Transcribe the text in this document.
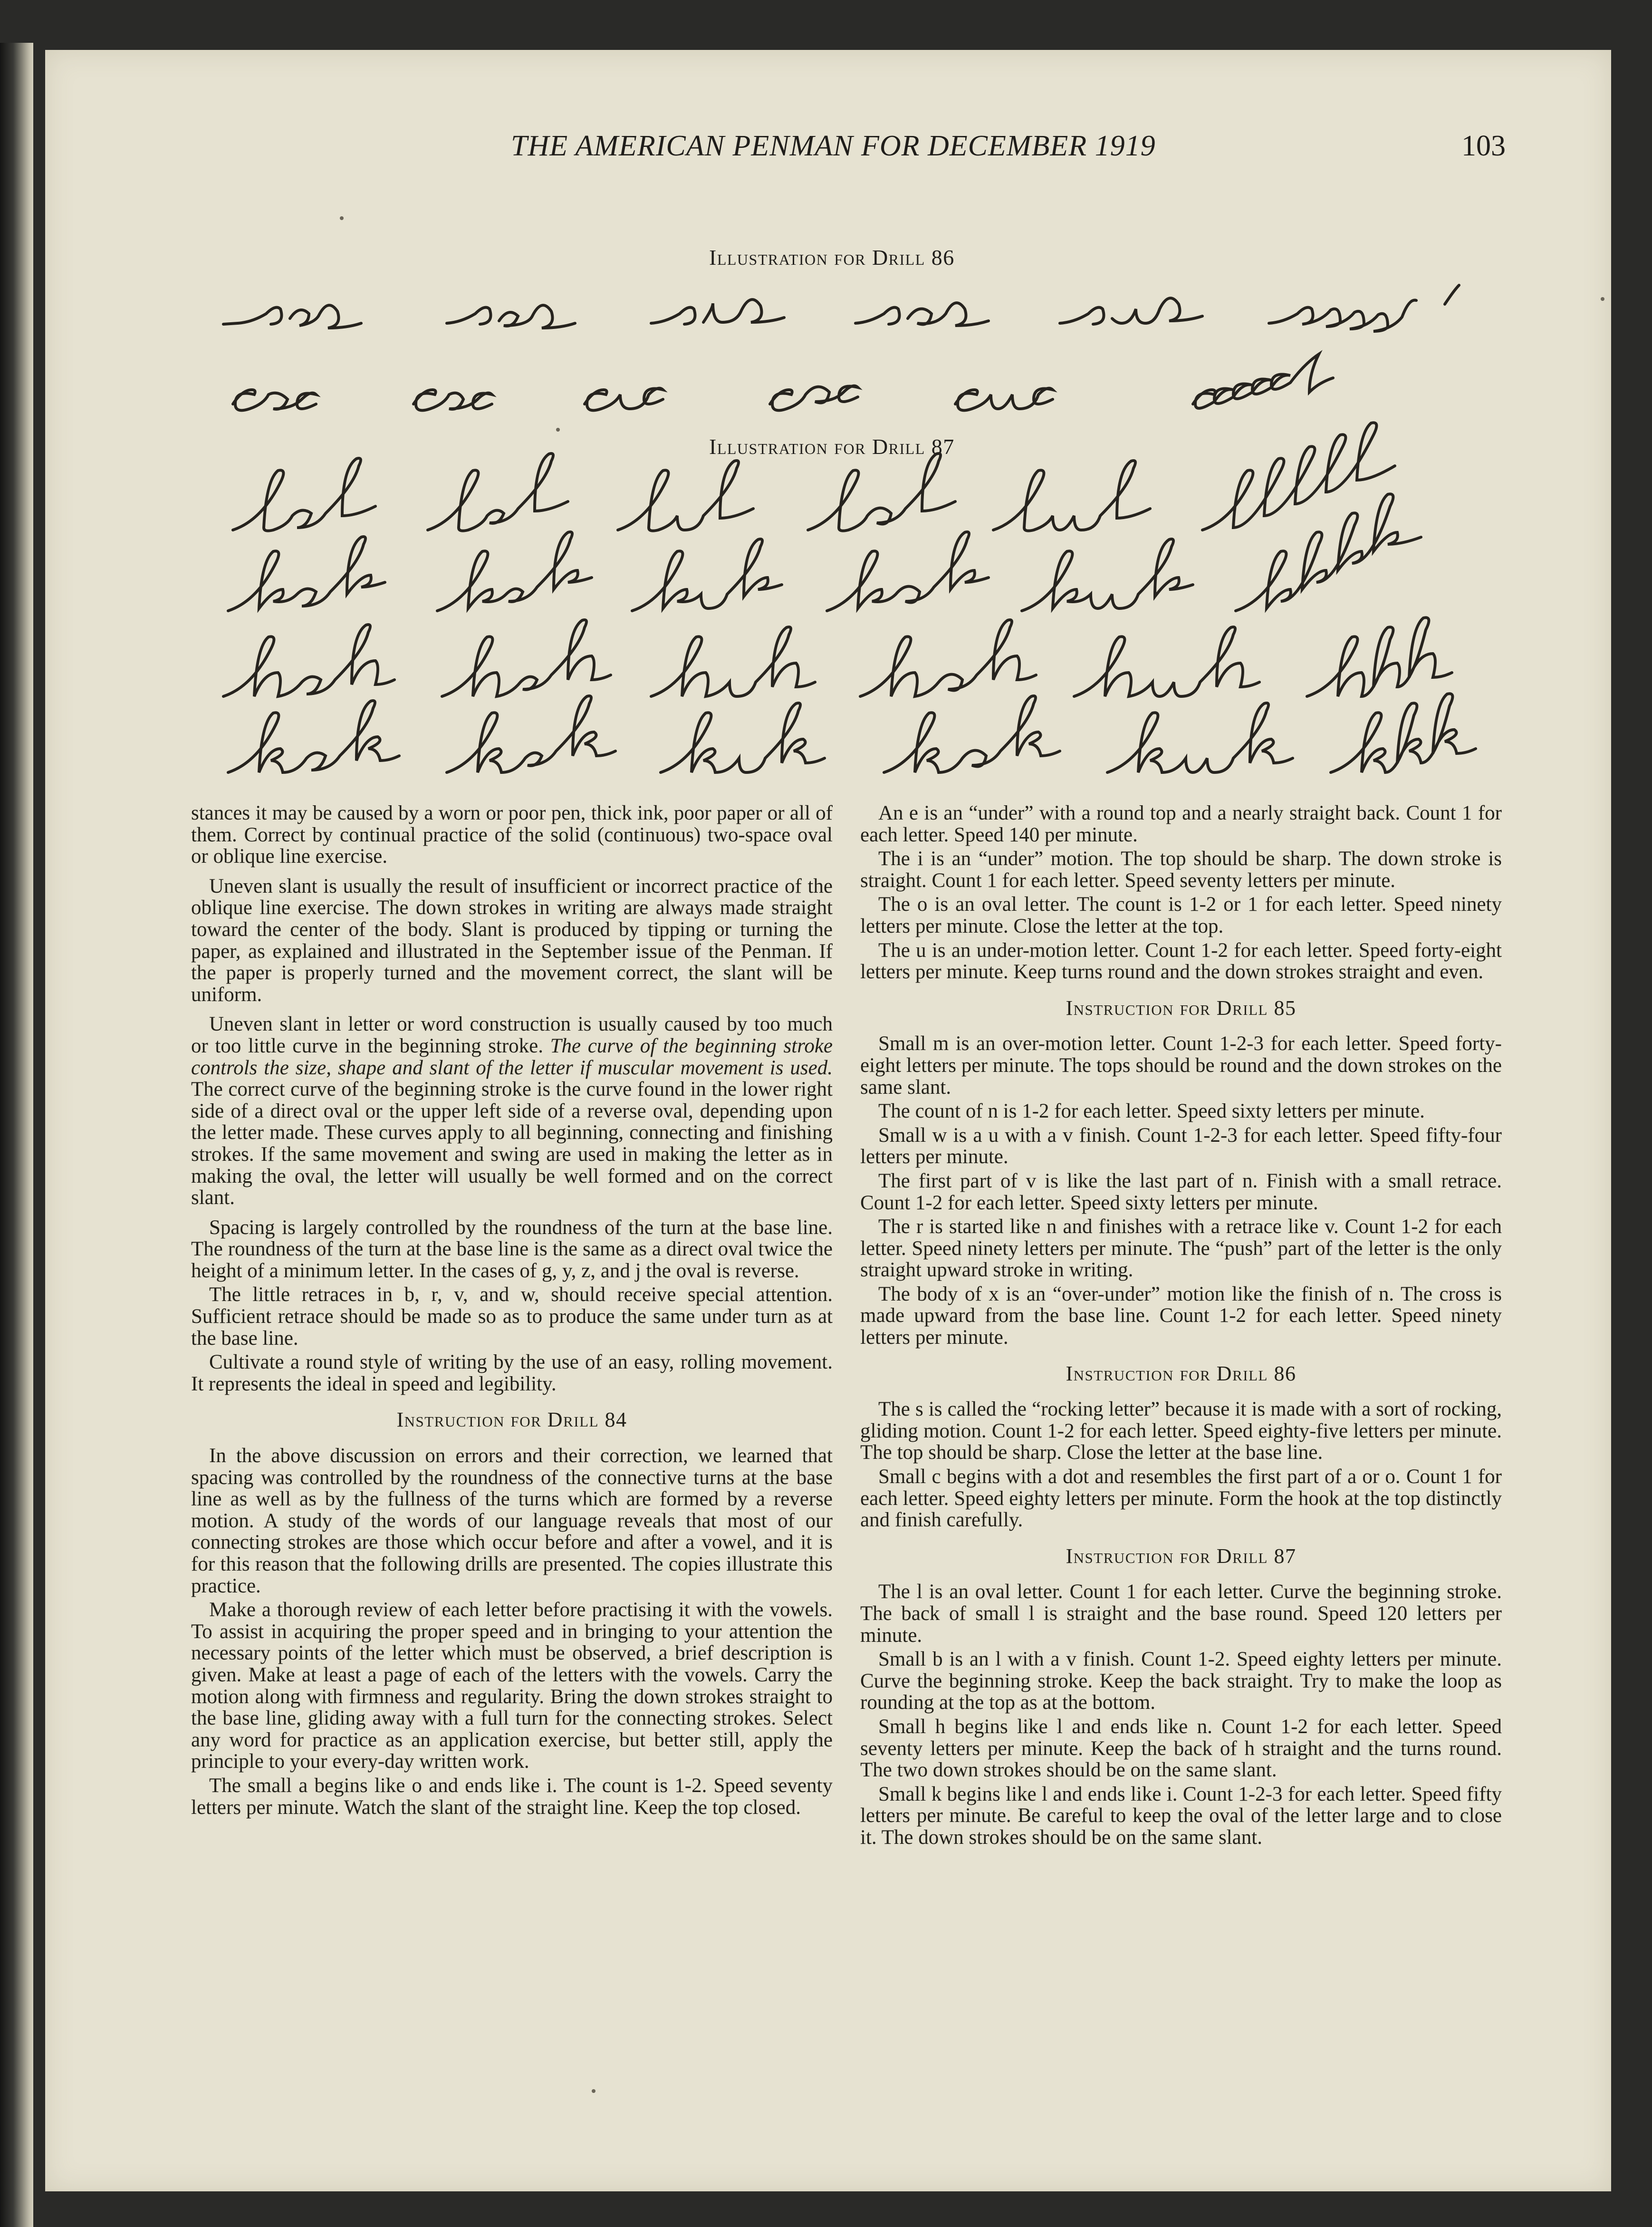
THE AMERICAN PENMAN FOR DECEMBER 1919	103
Illustration for Drill 86
Illustration for Drill 87

stances it may be caused by a worn or poor pen, thick ink, poor paper or all of them. Correct by continual practice of the solid (continuous) two-space oval or oblique line exercise.

Uneven slant is usually the result of insufficient or incorrect practice of the oblique line exercise. The down strokes in writing are always made straight toward the center of the body. Slant is produced by tipping or turning the paper, as explained and illustrated in the September issue of the Penman. If the paper is properly turned and the movement correct, the slant will be uniform.

Uneven slant in letter or word construction is usually caused by too much or too little curve in the beginning stroke. The curve of the beginning stroke controls the size, shape and slant of the letter if muscular movement is used. The correct curve of the beginning stroke is the curve found in the lower right side of a direct oval or the upper left side of a reverse oval, depending upon the letter made. These curves apply to all beginning, connecting and finishing strokes. If the same movement and swing are used in making the letter as in making the oval, the letter will usually be well formed and on the correct slant.

Spacing is largely controlled by the roundness of the turn at the base line. The roundness of the turn at the base line is the same as a direct oval twice the height of a minimum letter. In the cases of g, y, z, and j the oval is reverse.

The little retraces in b, r, v, and w, should receive special attention. Sufficient retrace should be made so as to produce the same under turn as at the base line.

Cultivate a round style of writing by the use of an easy, rolling movement. It represents the ideal in speed and legibility.

Instruction for Drill 84

In the above discussion on errors and their correction, we learned that spacing was controlled by the roundness of the connective turns at the base line as well as by the fullness of the turns which are formed by a reverse motion. A study of the words of our language reveals that most of our connecting strokes are those which occur before and after a vowel, and it is for this reason that the following drills are presented. The copies illustrate this practice.

Make a thorough review of each letter before practising it with the vowels. To assist in acquiring the proper speed and in bringing to your attention the necessary points of the letter which must be observed, a brief description is given. Make at least a page of each of the letters with the vowels. Carry the motion along with firmness and regularity. Bring the down strokes straight to the base line, gliding away with a full turn for the connecting strokes. Select any word for practice as an application exercise, but better still, apply the principle to your every-day written work.

The small a begins like o and ends like i. The count is 1-2. Speed seventy letters per minute. Watch the slant of the straight line. Keep the top closed.

An e is an “under” with a round top and a nearly straight back. Count 1 for each letter. Speed 140 per minute.

The i is an “under” motion. The top should be sharp. The down stroke is straight. Count 1 for each letter. Speed seventy letters per minute.

The o is an oval letter. The count is 1-2 or 1 for each letter. Speed ninety letters per minute. Close the letter at the top.

The u is an under-motion letter. Count 1-2 for each letter. Speed forty-eight letters per minute. Keep turns round and the down strokes straight and even.

Instruction for Drill 85

Small m is an over-motion letter. Count 1-2-3 for each letter. Speed forty-eight letters per minute. The tops should be round and the down strokes on the same slant.

The count of n is 1-2 for each letter. Speed sixty letters per minute.

Small w is a u with a v finish. Count 1-2-3 for each letter. Speed fifty-four letters per minute.

The first part of v is like the last part of n. Finish with a small retrace. Count 1-2 for each letter. Speed sixty letters per minute.

The r is started like n and finishes with a retrace like v. Count 1-2 for each letter. Speed ninety letters per minute. The “push” part of the letter is the only straight upward stroke in writing.

The body of x is an “over-under” motion like the finish of n. The cross is made upward from the base line. Count 1-2 for each letter. Speed ninety letters per minute.

Instruction for Drill 86

The s is called the “rocking letter” because it is made with a sort of rocking, gliding motion. Count 1-2 for each letter. Speed eighty-five letters per minute. The top should be sharp. Close the letter at the base line.

Small c begins with a dot and resembles the first part of a or o. Count 1 for each letter. Speed eighty letters per minute. Form the hook at the top distinctly and finish carefully.

Instruction for Drill 87

The l is an oval letter. Count 1 for each letter. Curve the beginning stroke. The back of small l is straight and the base round. Speed 120 letters per minute.

Small b is an l with a v finish. Count 1-2. Speed eighty letters per minute. Curve the beginning stroke. Keep the back straight. Try to make the loop as rounding at the top as at the bottom.

Small h begins like l and ends like n. Count 1-2 for each letter. Speed seventy letters per minute. Keep the back of h straight and the turns round. The two down strokes should be on the same slant.

Small k begins like l and ends like i. Count 1-2-3 for each letter. Speed fifty letters per minute. Be careful to keep the oval of the letter large and to close it. The down strokes should be on the same slant.
